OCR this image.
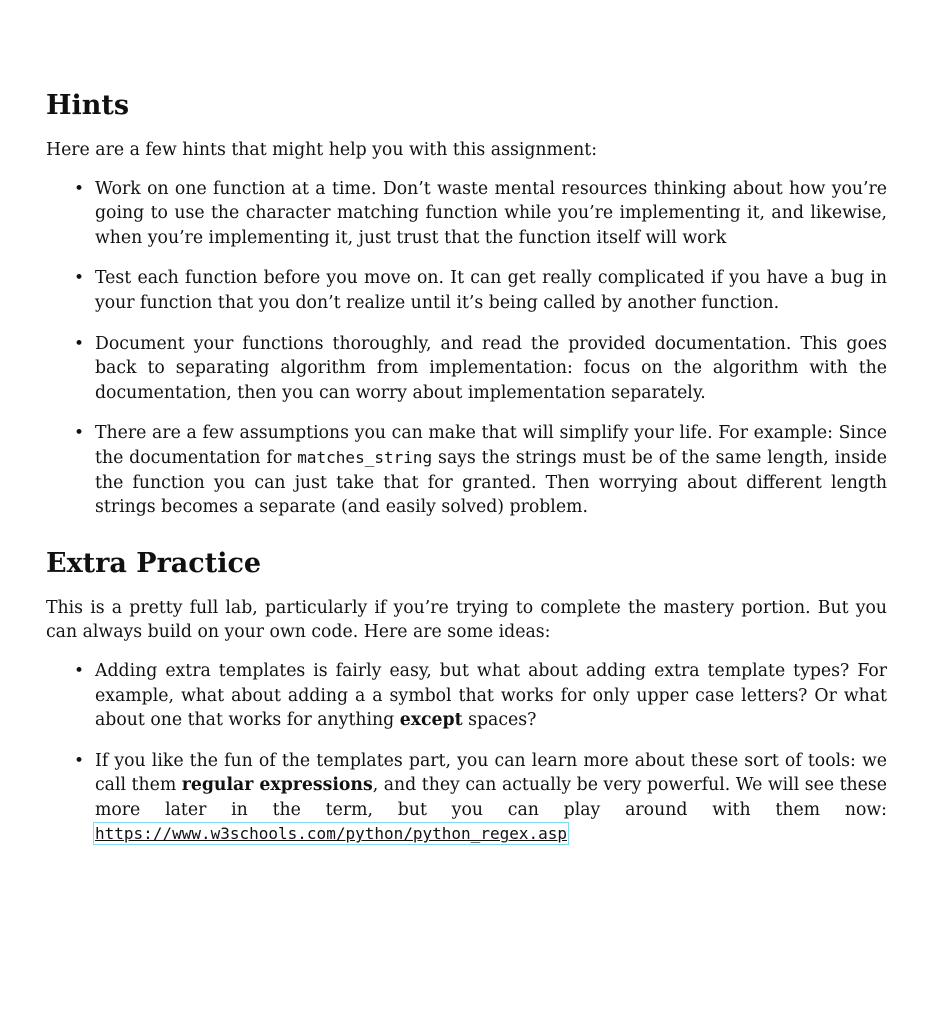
Hints

Here are a few hints that might help you with this assignment:

• Work on one function at a time. Don’t waste mental resources thinking about how you’re going to use the character matching function while you’re implementing it, and likewise, when you’re implementing it, just trust that the function itself will work
• Test each function before you move on. It can get really complicated if you have a bug in your function that you don’t realize until it’s being called by another function.
• Document your functions thoroughly, and read the provided documentation. This goes back to separating algorithm from implementation: focus on the algorithm with the documentation, then you can worry about implementation separately.
• There are a few assumptions you can make that will simplify your life. For example: Since the documentation for matches_string says the strings must be of the same length, inside the function you can just take that for granted. Then worrying about different length strings becomes a separate (and easily solved) problem.
Extra Practice

This is a pretty full lab, particularly if you’re trying to complete the mastery portion. But you can always build on your own code. Here are some ideas:

• Adding extra templates is fairly easy, but what about adding extra template types? For example, what about adding a a symbol that works for only upper case letters? Or what about one that works for anything except spaces?
• If you like the fun of the templates part, you can learn more about these sort of tools: we call them regular expressions, and they can actually be very powerful. We will see these more later in the term, but you can play around with them now: https://www.w3schools.com/python/python_regex.asp
